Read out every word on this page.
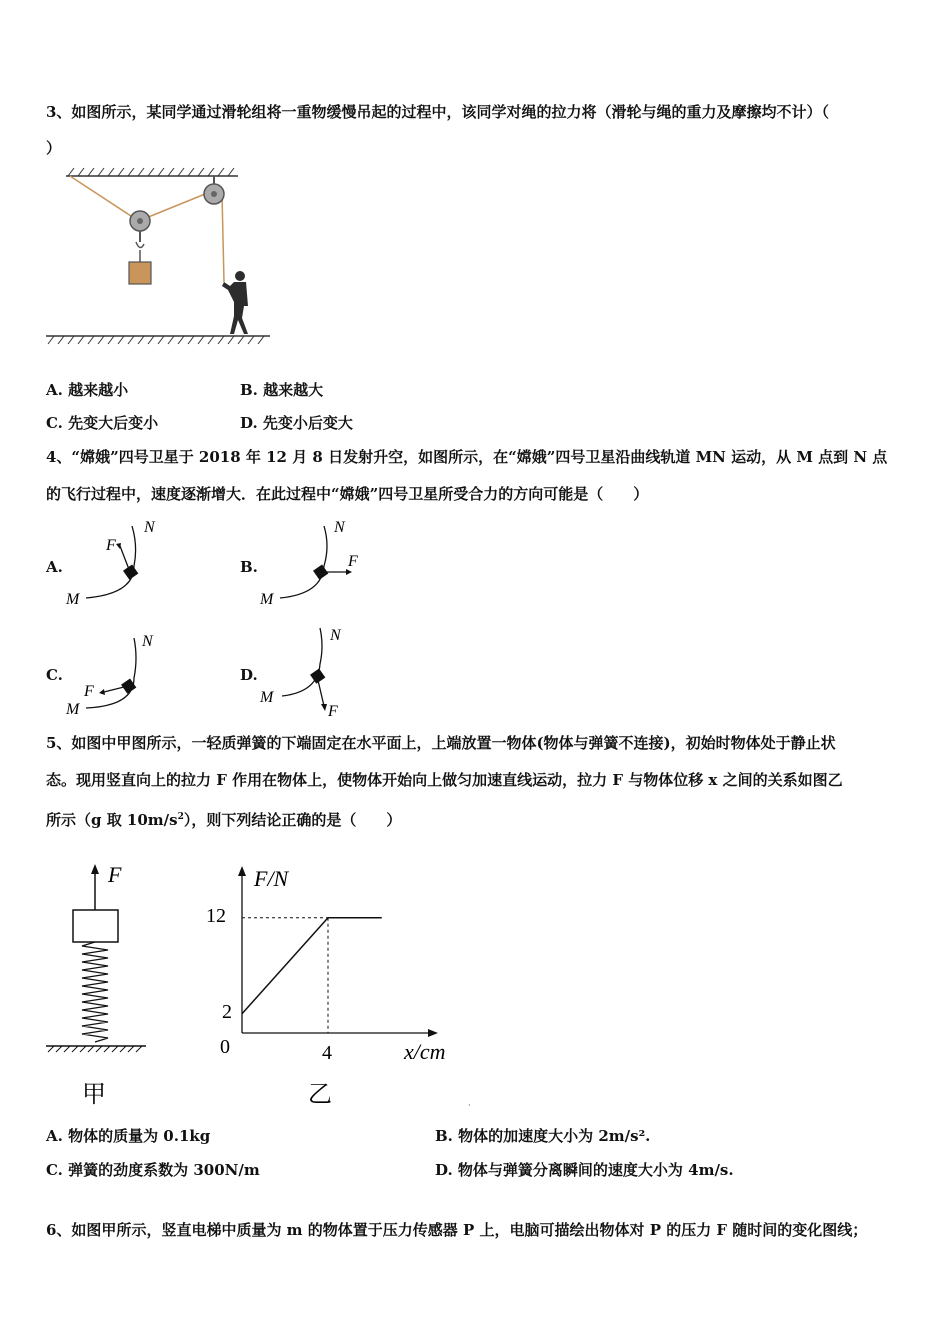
3、如图所示，某同学通过滑轮组将一重物缓慢吊起的过程中，该同学对绳的拉力将（滑轮与绳的重力及摩擦均不计）（
）
A. 越来越小	B. 越来越大
C. 先变大后变小	D. 先变小后变大
4、“嫦娥”四号卫星于 2018 年 12 月 8 日发射升空，如图所示，在“嫦娥”四号卫星沿曲线轨道 MN 运动，从 M 点到 N 点
的飞行过程中，速度逐渐增大．在此过程中“嫦娥”四号卫星所受合力的方向可能是（　　）
A.
N
F
M
B.
N
F
M
C.
N
F
M
D.
N
F
M
5、如图中甲图所示，一轻质弹簧的下端固定在水平面上，上端放置一物体(物体与弹簧不连接)，初始时物体处于静止状
态。现用竖直向上的拉力 F 作用在物体上，使物体开始向上做匀加速直线运动，拉力 F 与物体位移 x 之间的关系如图乙
所示（g 取 $10m/s^2$），则下列结论正确的是（　　）
F
甲
F/N
x/cm
0	4
2
12
乙	·
A. 物体的质量为 0.1kg	B. 物体的加速度大小为 2m/s².
C. 弹簧的劲度系数为 300N/m	D. 物体与弹簧分离瞬间的速度大小为 4m/s.
6、如图甲所示，竖直电梯中质量为 m 的物体置于压力传感器 P 上，电脑可描绘出物体对 P 的压力 F 随时间的变化图线；
